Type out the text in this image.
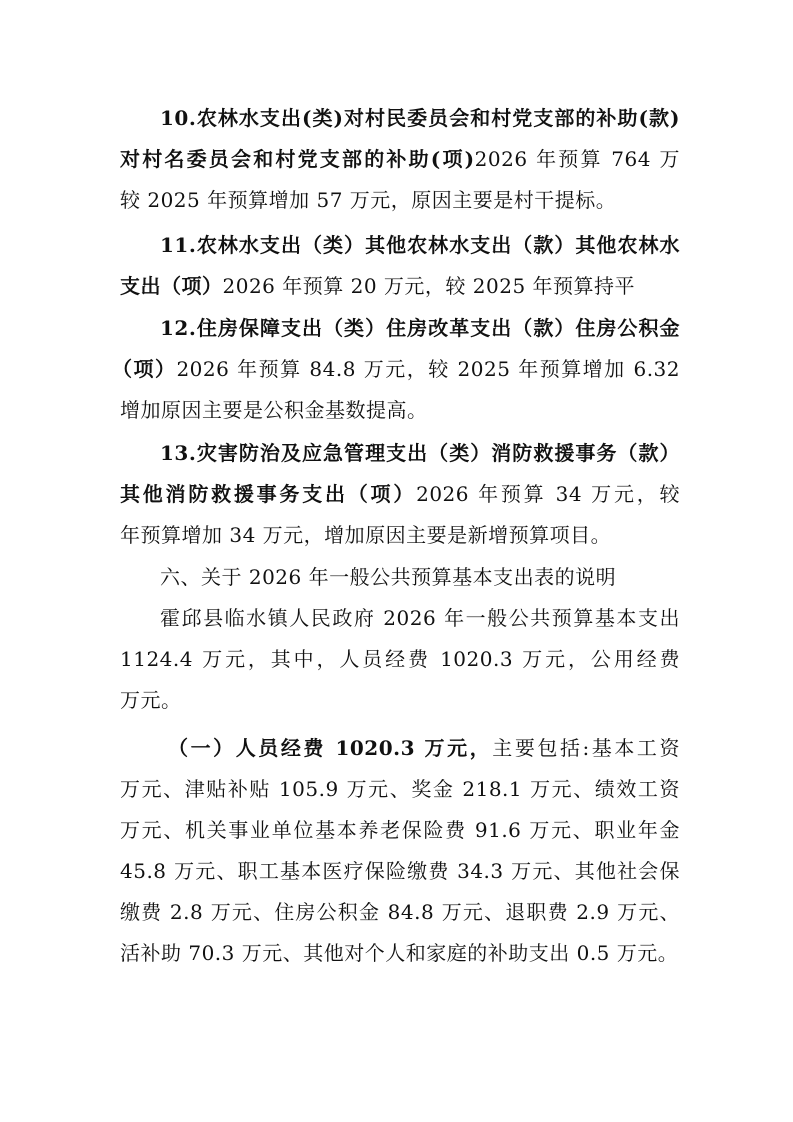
10.农林水支出(类)对村民委员会和村党支部的补助(款)
对村名委员会和村党支部的补助(项)2026 年预算 764 万
较 2025 年预算增加 57 万元，原因主要是村干提标。
11.农林水支出（类）其他农林水支出（款）其他农林水
支出（项）2026 年预算 20 万元，较 2025 年预算持平
12.住房保障支出（类）住房改革支出（款）住房公积金
（项）2026 年预算 84.8 万元，较 2025 年预算增加 6.32
增加原因主要是公积金基数提高。
13.灾害防治及应急管理支出（类）消防救援事务（款）
其他消防救援事务支出（项）2026 年预算 34 万元，较
年预算增加 34 万元，增加原因主要是新增预算项目。
六、关于 2026 年一般公共预算基本支出表的说明
霍邱县临水镇人民政府 2026 年一般公共预算基本支出
1124.4 万元，其中，人员经费 1020.3 万元，公用经费
万元。
（一）人员经费 1020.3 万元，主要包括:基本工资
万元、津贴补贴 105.9 万元、奖金 218.1 万元、绩效工资
万元、机关事业单位基本养老保险费 91.6 万元、职业年金
45.8 万元、职工基本医疗保险缴费 34.3 万元、其他社会保
缴费 2.8 万元、住房公积金 84.8 万元、退职费 2.9 万元、
活补助 70.3 万元、其他对个人和家庭的补助支出 0.5 万元。
